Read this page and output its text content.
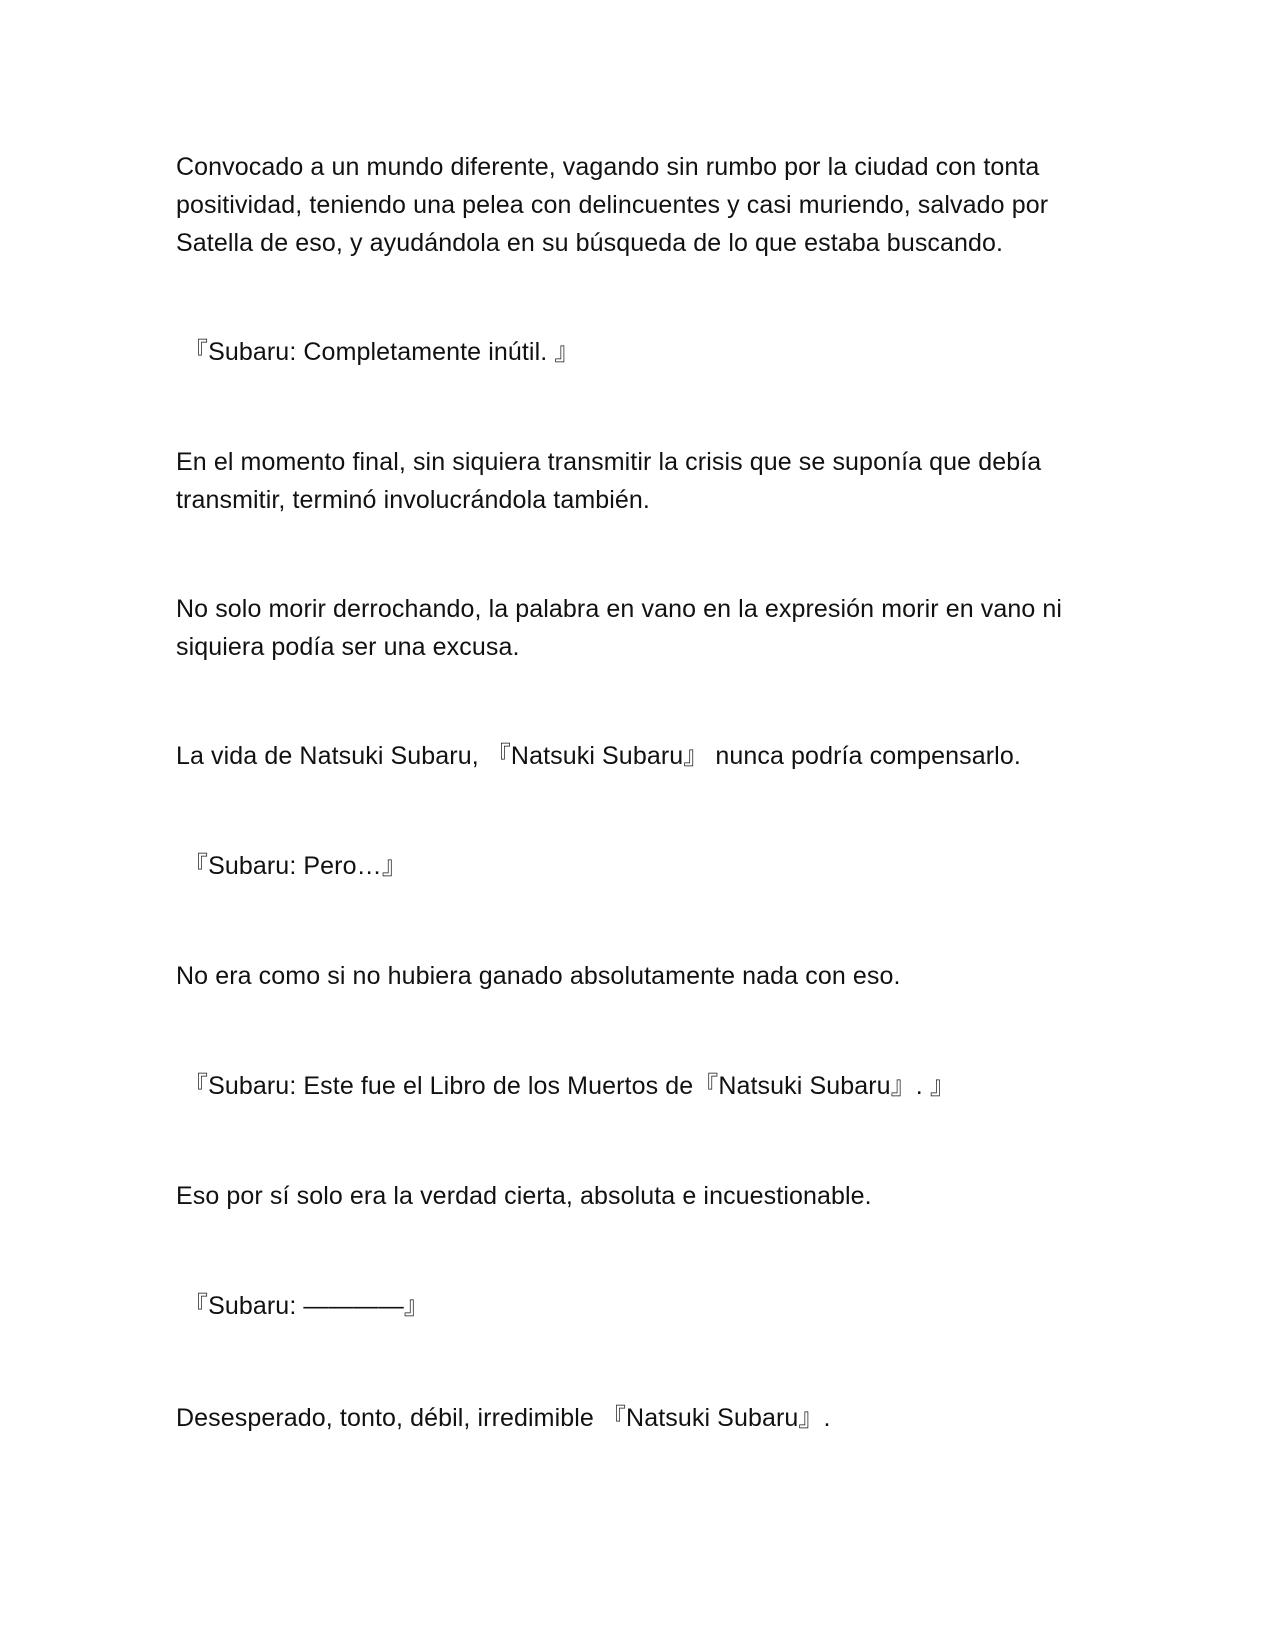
Convocado a un mundo diferente, vagando sin rumbo por la ciudad con tonta positividad, teniendo una pelea con delincuentes y casi muriendo, salvado por Satella de eso, y ayudándola en su búsqueda de lo que estaba buscando.

『Subaru: Completamente inútil. 』

En el momento final, sin siquiera transmitir la crisis que se suponía que debía transmitir, terminó involucrándola también.

No solo morir derrochando, la palabra en vano en la expresión morir en vano ni siquiera podía ser una excusa.

La vida de Natsuki Subaru, 『Natsuki Subaru』 nunca podría compensarlo.

『Subaru: Pero…』

No era como si no hubiera ganado absolutamente nada con eso.

『Subaru: Este fue el Libro de los Muertos de『Natsuki Subaru』. 』

Eso por sí solo era la verdad cierta, absoluta e incuestionable.

『Subaru: ————』

Desesperado, tonto, débil, irredimible 『Natsuki Subaru』.
